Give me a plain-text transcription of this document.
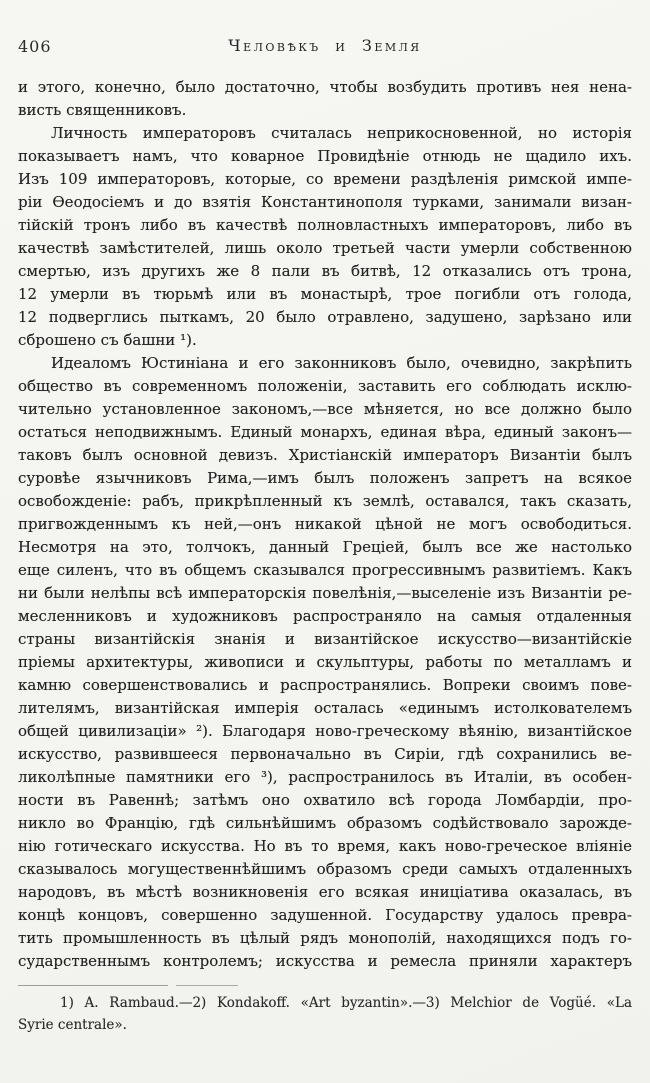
406	Человѣкъ и Земля
и этого, конечно, было достаточно, чтобы возбудить противъ нея нена-
висть священниковъ.
Личность императоровъ считалась неприкосновенной, но исторія
показываетъ намъ, что коварное Провидѣніе отнюдь не щадило ихъ.
Изъ 109 императоровъ, которые, со времени раздѣленія римской импе-
ріи Ѳеодосіемъ и до взятія Константинополя турками, занимали визан-
тійскій тронъ либо въ качествѣ полновластныхъ императоровъ, либо въ
качествѣ замѣстителей, лишь около третьей части умерли собственною
смертью, изъ другихъ же 8 пали въ битвѣ, 12 отказались отъ трона,
12 умерли въ тюрьмѣ или въ монастырѣ, трое погибли отъ голода,
12 подверглись пыткамъ, 20 было отравлено, задушено, зарѣзано или
сброшено съ башни ¹).
Идеаломъ Юстиніана и его законниковъ было, очевидно, закрѣпить
общество въ современномъ положеніи, заставить его соблюдать исклю-
чительно установленное закономъ,—все мѣняется, но все должно было
остаться неподвижнымъ. Единый монархъ, единая вѣра, единый законъ—
таковъ былъ основной девизъ. Христіанскій императоръ Византіи былъ
суровѣе язычниковъ Рима,—имъ былъ положенъ запретъ на всякое
освобожденіе: рабъ, прикрѣпленный къ землѣ, оставался, такъ сказать,
пригвожденнымъ къ ней,—онъ никакой цѣной не могъ освободиться.
Несмотря на это, толчокъ, данный Греціей, былъ все же настолько
еще силенъ, что въ общемъ сказывался прогрессивнымъ развитіемъ. Какъ
ни были нелѣпы всѣ императорскія повелѣнія,—выселеніе изъ Византіи ре-
месленниковъ и художниковъ распространяло на самыя отдаленныя
страны византійскія знанія и византійское искусство—византійскіе
пріемы архитектуры, живописи и скульптуры, работы по металламъ и
камню совершенствовались и распространялись. Вопреки своимъ пове-
лителямъ, византійская имперія осталась «единымъ истолкователемъ
общей цивилизаціи» ²). Благодаря ново-греческому вѣянію, византійское
искусство, развившееся первоначально въ Сиріи, гдѣ сохранились ве-
ликолѣпные памятники его ³), распространилось въ Италіи, въ особен-
ности въ Равеннѣ; затѣмъ оно охватило всѣ города Ломбардіи, про-
никло во Францію, гдѣ сильнѣйшимъ образомъ содѣйствовало зарожде-
нію готическаго искусства. Но въ то время, какъ ново-греческое вліяніе
сказывалось могущественнѣйшимъ образомъ среди самыхъ отдаленныхъ
народовъ, въ мѣстѣ возникновенія его всякая иниціатива оказалась, въ
концѣ концовъ, совершенно задушенной. Государству удалось превра-
тить промышленность въ цѣлый рядъ монополій, находящихся подъ го-
сударственнымъ контролемъ; искусства и ремесла приняли характеръ
1) A. Rambaud.—2) Kondakoff. «Art byzantin».—3) Melchior de Vogüé. «La
Syrie centrale».
